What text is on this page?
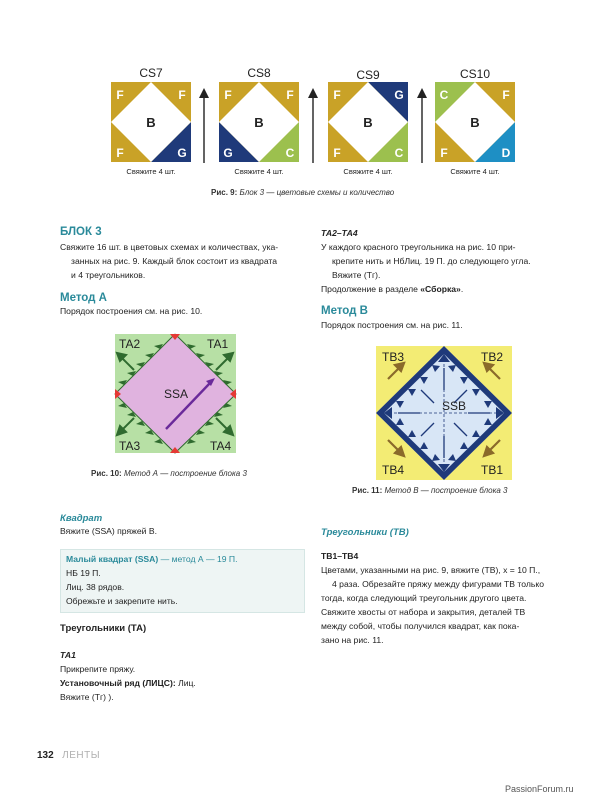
CS7
F	F
F	G
B
Свяжите 4 шт.
CS8
F	F
G	C
B
Свяжите 4 шт.
CS9
F	G
F	C
B
Свяжите 4 шт.
CS10
C	F
F	D
B
Свяжите 4 шт.
Рис. 9: Блок 3 — цветовые схемы и количество
БЛОК 3
Свяжите 16 шт. в цветовых схемах и количествах, ука-
занных на рис. 9. Каждый блок состоит из квадрата
и 4 треугольников.
Метод А
Порядок построения см. на рис. 10.
TA2	TA1
TA3	TA4
SSA
Рис. 10: Метод А — построение блока 3
Квадрат
Вяжите (SSA) пряжей В.
Малый квадрат (SSA) — метод А — 19 П.
НБ 19 П.
Лиц. 38 рядов.
Обрежьте и закрепите нить.
Треугольники (ТА)
ТА1
Прикрепите пряжу.
Установочный ряд (ЛИЦС): Лиц.
Вяжите (Тг) ).
ТА2–ТА4
У каждого красного треугольника на рис. 10 при-
крепите нить и НбЛиц. 19 П. до следующего угла.
Вяжите (Тг).
Продолжение в разделе «Сборка».
Метод В
Порядок построения см. на рис. 11.
TB3	TB2
TB4	TB1
SSB
Рис. 11: Метод В — построение блока 3
Треугольники (ТВ)
ТВ1–ТВ4
Цветами, указанными на рис. 9, вяжите (ТВ), x = 10 П.,
4 раза. Обрезайте пряжу между фигурами ТВ только
тогда, когда следующий треугольник другого цвета.
Свяжите хвосты от набора и закрытия, деталей ТВ
между собой, чтобы получился квадрат, как пока-
зано на рис. 11.
132 ЛЕНТЫ
PassionForum.ru
